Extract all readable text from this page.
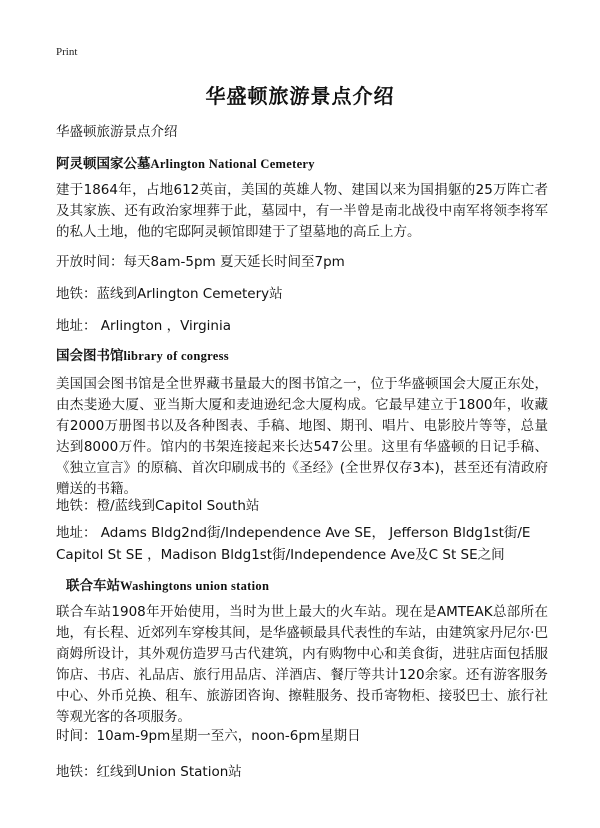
Print
华盛顿旅游景点介绍
华盛顿旅游景点介绍
阿灵顿国家公墓Arlington National Cemetery
建于1864年，占地612英亩，美国的英雄人物、建国以来为国捐躯的25万阵亡者及其家族、还有政治家埋葬于此，墓园中，有一半曾是南北战役中南军将领李将军的私人土地，他的宅邸阿灵顿馆即建于了望墓地的高丘上方。
开放时间：每天8am-5pm 夏天延长时间至7pm
地铁：蓝线到Arlington Cemetery站
地址： Arlington ，Virginia
国会图书馆library of congress
美国国会图书馆是全世界藏书量最大的图书馆之一，位于华盛顿国会大厦正东处，由杰斐逊大厦、亚当斯大厦和麦迪逊纪念大厦构成。它最早建立于1800年，收藏有2000万册图书以及各种图表、手稿、地图、期刊、唱片、电影胶片等等，总量达到8000万件。馆内的书架连接起来长达547公里。这里有华盛顿的日记手稿、《独立宣言》的原稿、首次印刷成书的《圣经》(全世界仅存3本)，甚至还有清政府赠送的书籍。
地铁：橙/蓝线到Capitol South站
地址： Adams Bldg2nd街/Independence Ave SE， Jefferson Bldg1st街/E Capitol St SE ，Madison Bldg1st街/Independence Ave及C St SE之间
联合车站Washingtons union station
联合车站1908年开始使用，当时为世上最大的火车站。现在是AMTEAK总部所在地，有长程、近郊列车穿梭其间，是华盛顿最具代表性的车站，由建筑家丹尼尔·巴商姆所设计，其外观仿造罗马古代建筑，内有购物中心和美食街，进驻店面包括服饰店、书店、礼品店、旅行用品店、洋酒店、餐厅等共计120余家。还有游客服务中心、外币兑换、租车、旅游团咨询、擦鞋服务、投币寄物柜、接驳巴士、旅行社等观光客的各项服务。
时间：10am-9pm星期一至六，noon-6pm星期日
地铁：红线到Union Station站
